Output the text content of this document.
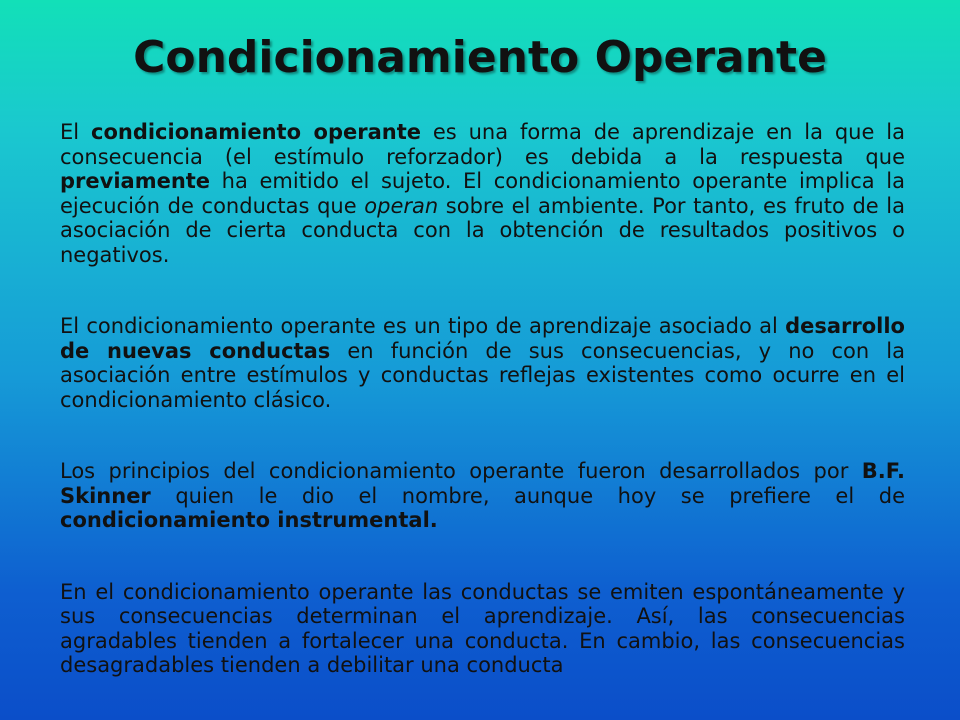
Condicionamiento Operante

El condicionamiento operante es una forma de aprendizaje en la que la consecuencia (el estímulo reforzador) es debida a la respuesta que previamente ha emitido el sujeto. El condicionamiento operante implica la ejecución de conductas que operan sobre el ambiente. Por tanto, es fruto de la asociación de cierta conducta con la obtención de resultados positivos o negativos.

El condicionamiento operante es un tipo de aprendizaje asociado al desarrollo de nuevas conductas en función de sus consecuencias, y no con la asociación entre estímulos y conductas reflejas existentes como ocurre en el condicionamiento clásico.

Los principios del condicionamiento operante fueron desarrollados por B.F. Skinner quien le dio el nombre, aunque hoy se prefiere el de condicionamiento instrumental.

En el condicionamiento operante las conductas se emiten espontáneamente y sus consecuencias determinan el aprendizaje. Así, las consecuencias agradables tienden a fortalecer una conducta. En cambio, las consecuencias desagradables tienden a debilitar una conducta
